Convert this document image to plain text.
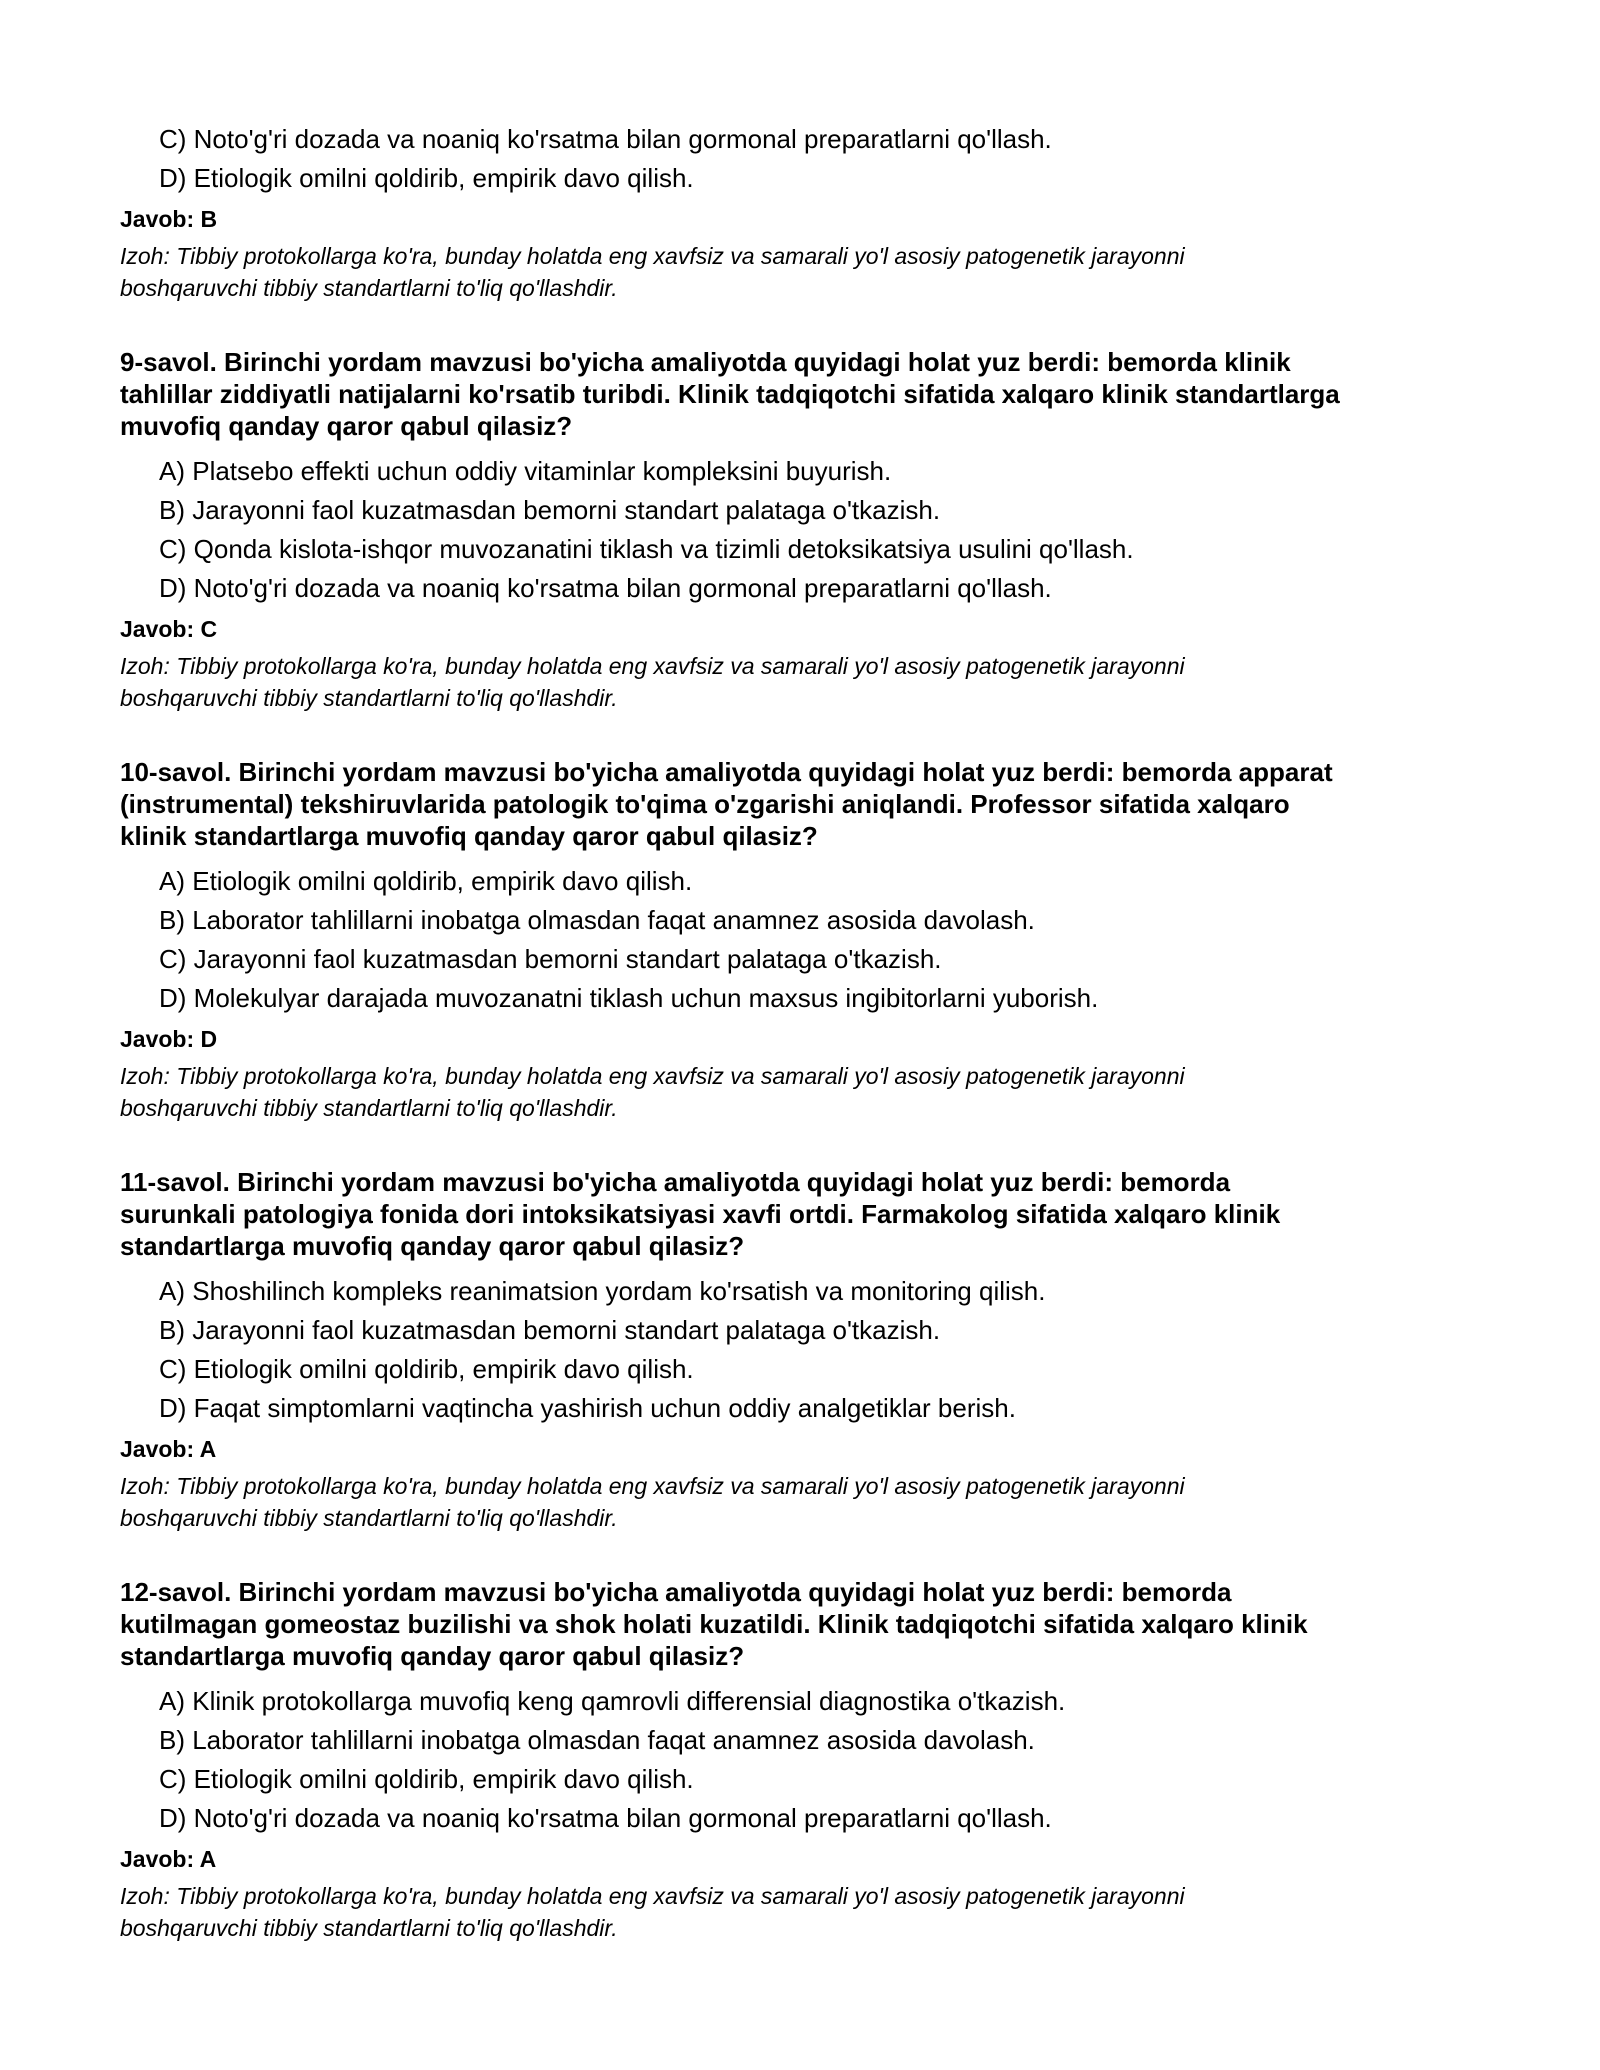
C) Noto'g'ri dozada va noaniq ko'rsatma bilan gormonal preparatlarni qo'llash.
D) Etiologik omilni qoldirib, empirik davo qilish.
Javob: B
Izoh: Tibbiy protokollarga ko'ra, bunday holatda eng xavfsiz va samarali yo'l asosiy patogenetik jarayonni
boshqaruvchi tibbiy standartlarni to'liq qo'llashdir.
9-savol. Birinchi yordam mavzusi bo'yicha amaliyotda quyidagi holat yuz berdi: bemorda klinik
tahlillar ziddiyatli natijalarni ko'rsatib turibdi. Klinik tadqiqotchi sifatida xalqaro klinik standartlarga
muvofiq qanday qaror qabul qilasiz?
A) Platsebo effekti uchun oddiy vitaminlar kompleksini buyurish.
B) Jarayonni faol kuzatmasdan bemorni standart palataga o'tkazish.
C) Qonda kislota-ishqor muvozanatini tiklash va tizimli detoksikatsiya usulini qo'llash.
D) Noto'g'ri dozada va noaniq ko'rsatma bilan gormonal preparatlarni qo'llash.
Javob: C
Izoh: Tibbiy protokollarga ko'ra, bunday holatda eng xavfsiz va samarali yo'l asosiy patogenetik jarayonni
boshqaruvchi tibbiy standartlarni to'liq qo'llashdir.
10-savol. Birinchi yordam mavzusi bo'yicha amaliyotda quyidagi holat yuz berdi: bemorda apparat
(instrumental) tekshiruvlarida patologik to'qima o'zgarishi aniqlandi. Professor sifatida xalqaro
klinik standartlarga muvofiq qanday qaror qabul qilasiz?
A) Etiologik omilni qoldirib, empirik davo qilish.
B) Laborator tahlillarni inobatga olmasdan faqat anamnez asosida davolash.
C) Jarayonni faol kuzatmasdan bemorni standart palataga o'tkazish.
D) Molekulyar darajada muvozanatni tiklash uchun maxsus ingibitorlarni yuborish.
Javob: D
Izoh: Tibbiy protokollarga ko'ra, bunday holatda eng xavfsiz va samarali yo'l asosiy patogenetik jarayonni
boshqaruvchi tibbiy standartlarni to'liq qo'llashdir.
11-savol. Birinchi yordam mavzusi bo'yicha amaliyotda quyidagi holat yuz berdi: bemorda
surunkali patologiya fonida dori intoksikatsiyasi xavfi ortdi. Farmakolog sifatida xalqaro klinik
standartlarga muvofiq qanday qaror qabul qilasiz?
A) Shoshilinch kompleks reanimatsion yordam ko'rsatish va monitoring qilish.
B) Jarayonni faol kuzatmasdan bemorni standart palataga o'tkazish.
C) Etiologik omilni qoldirib, empirik davo qilish.
D) Faqat simptomlarni vaqtincha yashirish uchun oddiy analgetiklar berish.
Javob: A
Izoh: Tibbiy protokollarga ko'ra, bunday holatda eng xavfsiz va samarali yo'l asosiy patogenetik jarayonni
boshqaruvchi tibbiy standartlarni to'liq qo'llashdir.
12-savol. Birinchi yordam mavzusi bo'yicha amaliyotda quyidagi holat yuz berdi: bemorda
kutilmagan gomeostaz buzilishi va shok holati kuzatildi. Klinik tadqiqotchi sifatida xalqaro klinik
standartlarga muvofiq qanday qaror qabul qilasiz?
A) Klinik protokollarga muvofiq keng qamrovli differensial diagnostika o'tkazish.
B) Laborator tahlillarni inobatga olmasdan faqat anamnez asosida davolash.
C) Etiologik omilni qoldirib, empirik davo qilish.
D) Noto'g'ri dozada va noaniq ko'rsatma bilan gormonal preparatlarni qo'llash.
Javob: A
Izoh: Tibbiy protokollarga ko'ra, bunday holatda eng xavfsiz va samarali yo'l asosiy patogenetik jarayonni
boshqaruvchi tibbiy standartlarni to'liq qo'llashdir.
